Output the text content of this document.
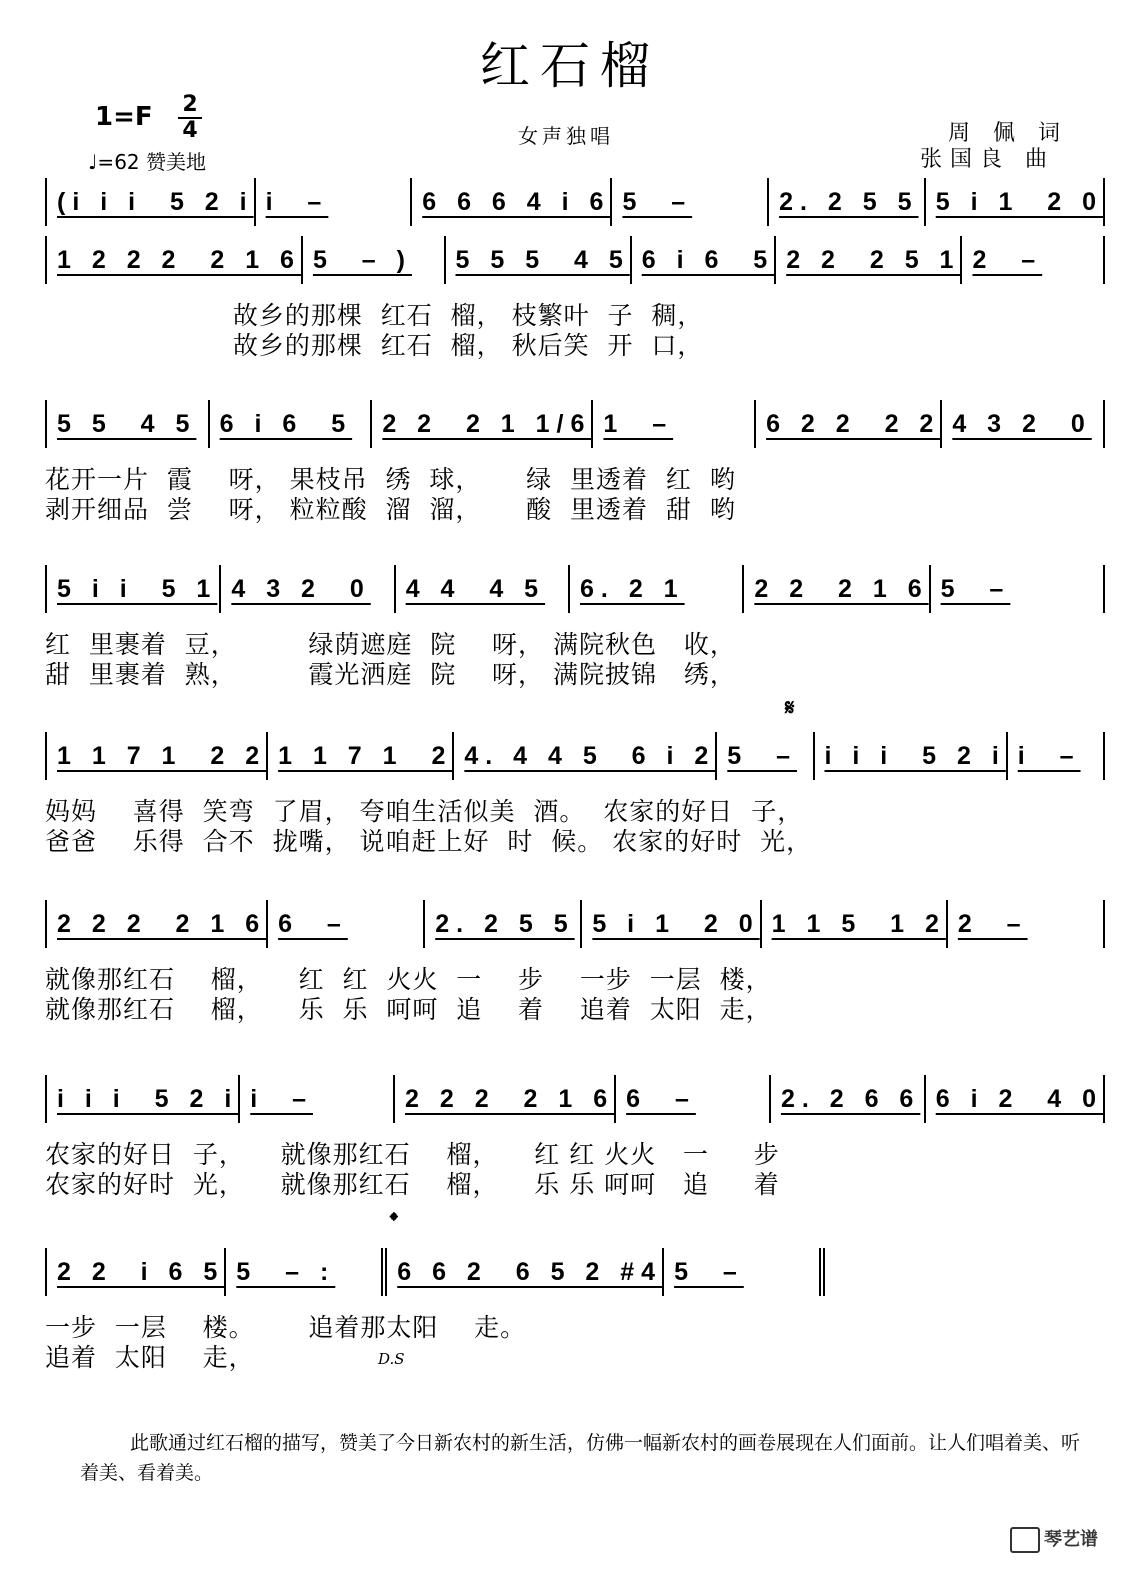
红石榴
1=F 2
4
♩=62 赞美地
女声独唱	周 佩 词
张国良 曲
(i i i  5 2 i i  –	6 6 6 4 i 6 5  –	2. 2 5 5 5 i 1  2 0
1 2 2 2  2 1 6 5  – )	5 5 5  4 5 6 i 6  5 2 2  2 5 1 2  –
故乡的那棵  红石  榴， 枝繁叶  子  稠，
故乡的那棵  红石  榴， 秋后笑  开  口，
5 5  4 5 6 i 6  5	2 2  2 1 1/6 1  –	6 2 2  2 2 4 3 2  0
花开一片  霞    呀， 果枝吊  绣  球，     绿  里透着  红  哟
剥开细品  尝    呀， 粒粒酸  溜  溜，     酸  里透着  甜  哟
5 i i  5 1 4 3 2  0	4 4  4 5	6. 2 1	2 2  2 1 6 5  –
红  里裹着  豆，        绿荫遮庭  院    呀， 满院秋色   收，
甜  里裹着  熟，        霞光洒庭  院    呀， 满院披锦   绣，
1 1 7 1  2 2 1 1 7 1  2 4. 4 4 5  6 i 2 5  –	i i i  5 2 i i  –
妈妈    喜得  笑弯  了眉， 夸咱生活似美  酒。  农家的好日  子，
爸爸    乐得  合不  拢嘴， 说咱赶上好  时  候。 农家的好时  光，
2 2 2  2 1 6 6  –	2. 2 5 5 5 i 1  2 0 1 1 5  1 2 2  –
就像那红石    榴，    红  红  火火  一    步    一步  一层  楼，
就像那红石    榴，    乐  乐  呵呵  追    着    追着  太阳  走，
i i i  5 2 i i  –	2 2 2  2 1 6 6  –	2. 2 6 6 6 i 2  4 0
农家的好日  子，    就像那红石    榴，    红 红 火火   一     步
农家的好时  光，    就像那红石    榴，    乐 乐 呵呵   追     着
2 2  i 6 5 5  – :	6 6 2  6 5 2 #4 5  –
一步  一层    楼。      追着那太阳    走。
追着  太阳    走，
𝄋
𝄌
D.S
此歌通过红石榴的描写，赞美了今日新农村的新生活，仿佛一幅新农村的画卷展现在人们面前。让人们唱着美、听着美、看着美。
琴艺谱
